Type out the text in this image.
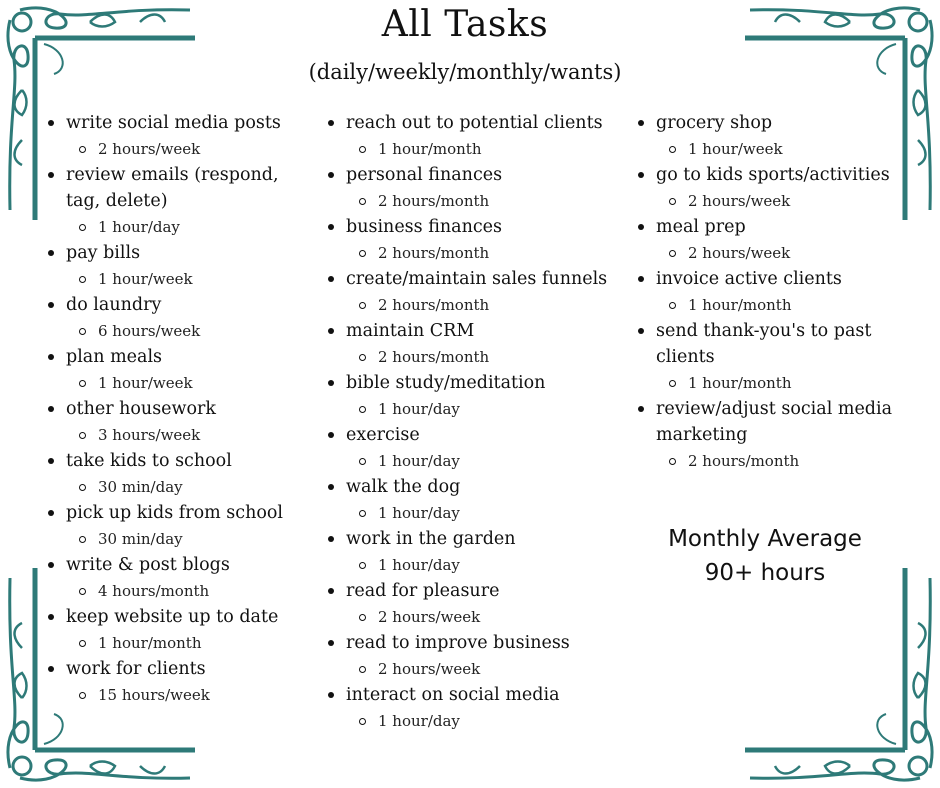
All Tasks
(daily/weekly/monthly/wants)
write social media posts
2 hours/week
review emails (respond, tag, delete)
1 hour/day
pay bills
1 hour/week
do laundry
6 hours/week
plan meals
1 hour/week
other housework
3 hours/week
take kids to school
30 min/day
pick up kids from school
30 min/day
write & post blogs
4 hours/month
keep website up to date
1 hour/month
work for clients
15 hours/week
reach out to potential clients
1 hour/month
personal finances
2 hours/month
business finances
2 hours/month
create/maintain sales funnels
2 hours/month
maintain CRM
2 hours/month
bible study/meditation
1 hour/day
exercise
1 hour/day
walk the dog
1 hour/day
work in the garden
1 hour/day
read for pleasure
2 hours/week
read to improve business
2 hours/week
interact on social media
1 hour/day
grocery shop
1 hour/week
go to kids sports/activities
2 hours/week
meal prep
2 hours/week
invoice active clients
1 hour/month
send thank-you's to past clients
1 hour/month
review/adjust social media marketing
2 hours/month
Monthly Average
90+ hours
